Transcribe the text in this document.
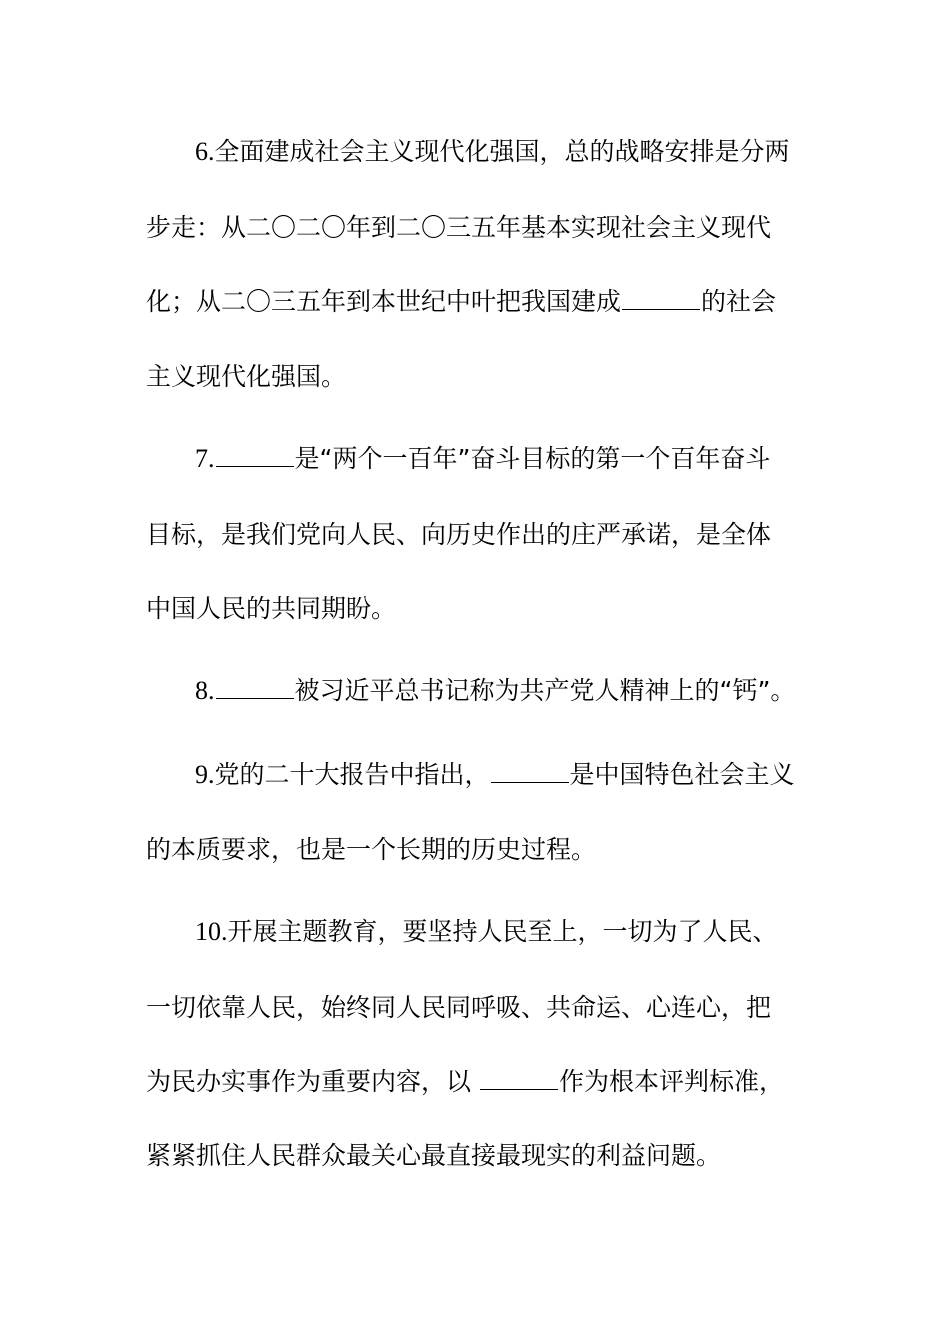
6.全面建成社会主义现代化强国，总的战略安排是分两
步走：从二〇二〇年到二〇三五年基本实现社会主义现代
化；从二〇三五年到本世纪中叶把我国建成	的社会
主义现代化强国。
7.	是“两个一百年”奋斗目标的第一个百年奋斗
目标，是我们党向人民、向历史作出的庄严承诺，是全体
中国人民的共同期盼。
8.	被习近平总书记称为共产党人精神上的“钙”。
9.党的二十大报告中指出，	是中国特色社会主义
的本质要求，也是一个长期的历史过程。
10.开展主题教育，要坚持人民至上，一切为了人民、
一切依靠人民，始终同人民同呼吸、共命运、心连心，把
为民办实事作为重要内容，以	作为根本评判标准，
紧紧抓住人民群众最关心最直接最现实的利益问题。
